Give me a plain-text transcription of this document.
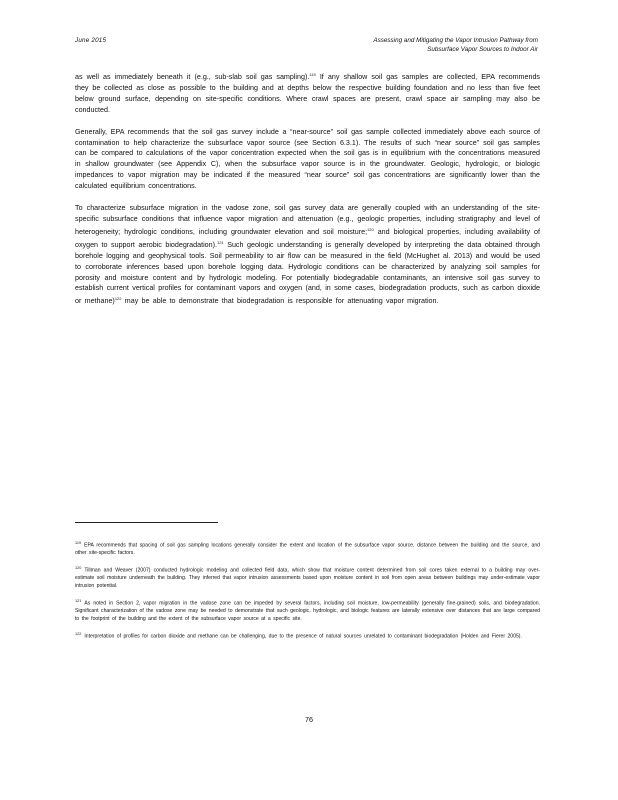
June 2015	Assessing and Mitigating the Vapor Intrusion Pathway from
Subsurface Vapor Sources to Indoor Air

as well as immediately beneath it (e.g., sub-slab soil gas sampling).$^{119}$ If any shallow soil gas samples are collected, EPA recommends they be collected as close as possible to the building and at depths below the respective building foundation and no less than five feet below ground surface, depending on site-specific conditions. Where crawl spaces are present, crawl space air sampling may also be conducted.

Generally, EPA recommends that the soil gas survey include a “near-source” soil gas sample collected immediately above each source of contamination to help characterize the subsurface vapor source (see Section 6.3.1). The results of such “near source” soil gas samples can be compared to calculations of the vapor concentration expected when the soil gas is in equilibrium with the concentrations measured in shallow groundwater (see Appendix C), when the subsurface vapor source is in the groundwater. Geologic, hydrologic, or biologic impedances to vapor migration may be indicated if the measured “near source” soil gas concentrations are significantly lower than the calculated equilibrium concentrations.

To characterize subsurface migration in the vadose zone, soil gas survey data are generally coupled with an understanding of the site-specific subsurface conditions that influence vapor migration and attenuation (e.g., geologic properties, including stratigraphy and level of heterogeneity; hydrologic conditions, including groundwater elevation and soil moisture;$^{120}$ and biological properties, including availability of oxygen to support aerobic biodegradation).$^{121}$ Such geologic understanding is generally developed by interpreting the data obtained through borehole logging and geophysical tools. Soil permeability to air flow can be measured in the field (McHughet al. 2013) and would be used to corroborate inferences based upon borehole logging data. Hydrologic conditions can be characterized by analyzing soil samples for porosity and moisture content and by hydrologic modeling. For potentially biodegradable contaminants, an intensive soil gas survey to establish current vertical profiles for contaminant vapors and oxygen (and, in some cases, biodegradation products, such as carbon dioxide or methane)$^{122}$ may be able to demonstrate that biodegradation is responsible for attenuating vapor migration.

$^{119}$ EPA recommends that spacing of soil gas sampling locations generally consider the extent and location of the subsurface vapor source, distance between the building and the source, and other site-specific factors.

$^{120}$ Tillman and Weaver (2007) conducted hydrologic modeling and collected field data, which show that moisture content determined from soil cores taken external to a building may over-estimate soil moisture underneath the building. They inferred that vapor intrusion assessments based upon moisture content in soil from open areas between buildings may under-estimate vapor intrusion potential.

$^{121}$ As noted in Section 2, vapor migration in the vadose zone can be impeded by several factors, including soil moisture, low-permeability (generally fine-grained) soils, and biodegradation. Significant characterization of the vadose zone may be needed to demonstrate that such geologic, hydrologic, and biologic features are laterally extensive over distances that are large compared to the footprint of the building and the extent of the subsurface vapor source at a specific site.

$^{122}$ Interpretation of profiles for carbon dioxide and methane can be challenging, due to the presence of natural sources unrelated to contaminant biodegradation (Holden and Fierer 2005).

76
